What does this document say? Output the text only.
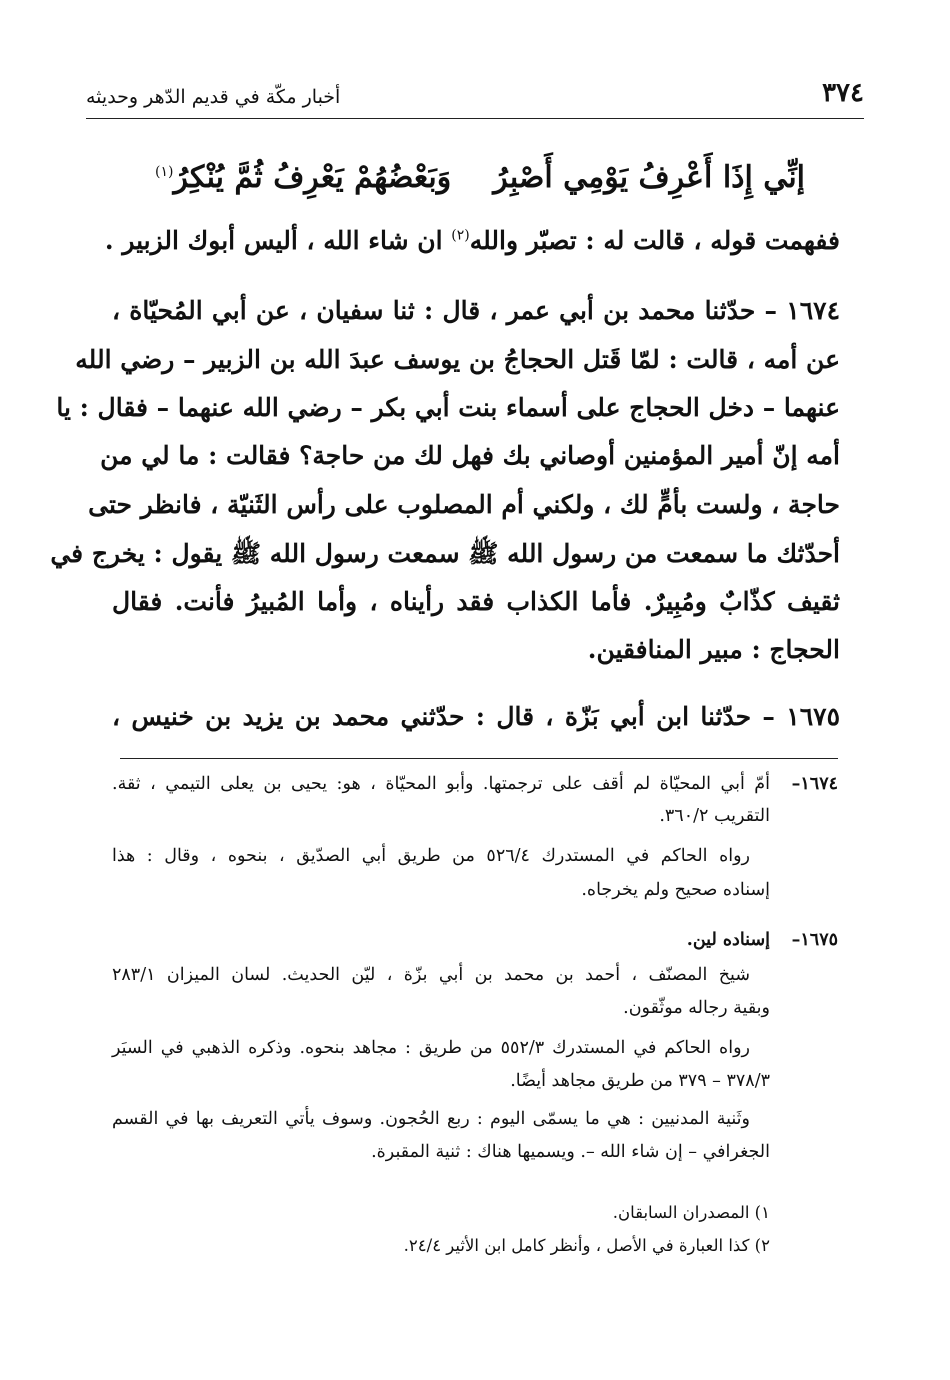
٣٧٤
أخبار مكّة في قديم الدّهر وحديثه
إنِّي إِذَا أَعْرِفُ يَوْمِي أَصْبِرُ
وَبَعْضُهُمْ يَعْرِفُ ثُمَّ يُنْكِرُ$^{(١)}$
ففهمت قوله ، قالت له : تصبّر والله$^{(٢)}$ ان شاء الله ، أليس أبوك الزبير .
١٦٧٤ – حدّثنا محمد بن أبي عمر ، قال : ثنا سفيان ، عن أبي المُحيّاة ،
عن أمه ، قالت : لمّا قَتل الحجاجُ بن يوسف عبدَ الله بن الزبير – رضي الله
عنهما – دخل الحجاج على أسماء بنت أبي بكر – رضي الله عنهما – فقال : يا
أمه إنّ أمير المؤمنين أوصاني بك فهل لك من حاجة؟ فقالت : ما لي من
حاجة ، ولست بأمٍّ لك ، ولكني أم المصلوب على رأس الثَنيّة ، فانظر حتى
أحدّثك ما سمعت من رسول الله ﷺ سمعت رسول الله ﷺ يقول : يخرج في
ثقيف كذّابٌ ومُبِيرٌ. فأما الكذاب فقد رأيناه ، وأما المُبيرُ فأنت. فقال
الحجاج : مبير المنافقين.
١٦٧٥ – حدّثنا ابن أبي بَزّة ، قال : حدّثني محمد بن يزيد بن خنيس ،
١٦٧٤–
أمّ أبي المحيّاة لم أقف على ترجمتها. وأبو المحيّاة ، هو: يحيى بن يعلى التيمي ، ثقة.
التقريب ٣٦٠/٢.
رواه الحاكم في المستدرك ٥٢٦/٤ من طريق أبي الصدّيق ، بنحوه ، وقال : هذا
إسناده صحيح ولم يخرجاه.
١٦٧٥–
إسناده لين.
شيخ المصنّف ، أحمد بن محمد بن أبي بزّة ، ليّن الحديث. لسان الميزان ٢٨٣/١
وبقية رجاله موثّقون.
رواه الحاكم في المستدرك ٥٥٢/٣ من طريق : مجاهد بنحوه. وذكره الذهبي في السيَر
٣٧٨/٣ – ٣٧٩ من طريق مجاهد أيضًا.
وثَنية المدنيين : هي ما يسمّى اليوم : ربع الحُجون. وسوف يأتي التعريف بها في القسم
الجغرافي – إن شاء الله –. ويسميها هناك : ثنية المقبرة.
١) المصدران السابقان.
٢) كذا العبارة في الأصل ، وأنظر كامل ابن الأثير ٢٤/٤.
